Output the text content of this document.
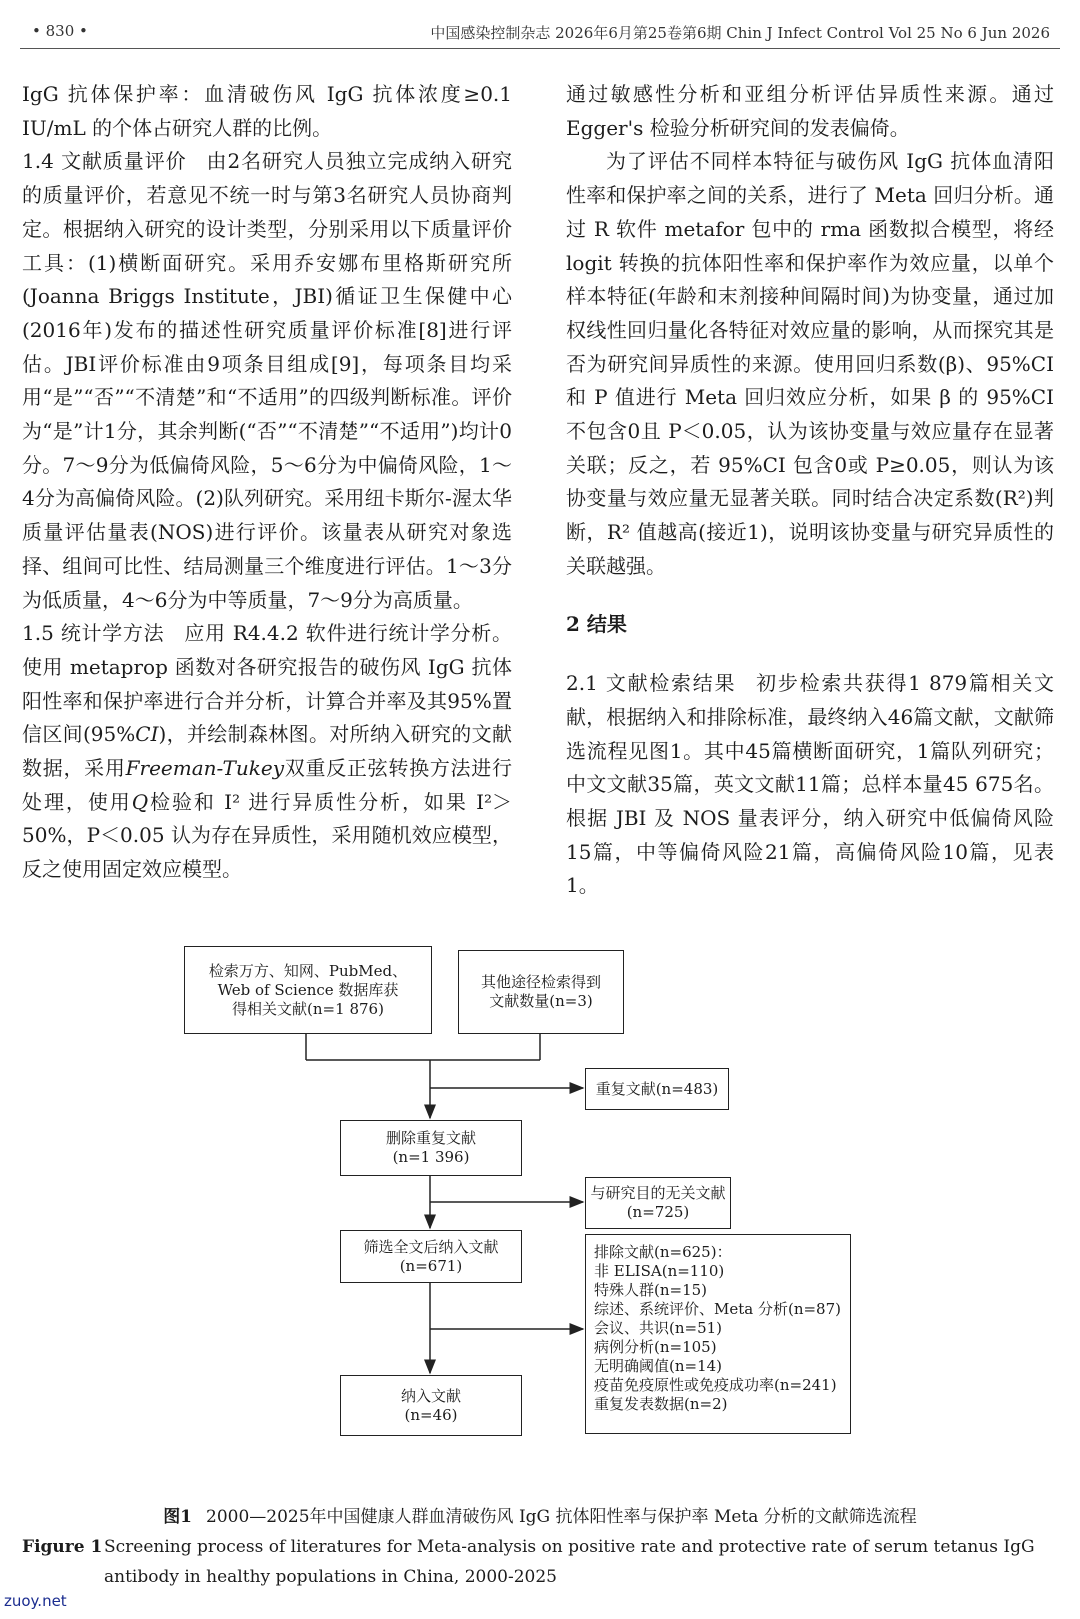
• 830 •	中国感染控制杂志 2026年6月第25卷第6期 Chin J Infect Control Vol 25 No 6 Jun 2026

IgG 抗体保护率：血清破伤风 IgG 抗体浓度≥0.1 IU/mL 的个体占研究人群的比例。

1.4 文献质量评价 由2名研究人员独立完成纳入研究的质量评价，若意见不统一时与第3名研究人员协商判定。根据纳入研究的设计类型，分别采用以下质量评价工具：(1)横断面研究。采用乔安娜布里格斯研究所(Joanna Briggs Institute，JBI)循证卫生保健中心(2016年)发布的描述性研究质量评价标准[8]进行评估。JBI评价标准由9项条目组成[9]，每项条目均采用“是”“否”“不清楚”和“不适用”的四级判断标准。评价为“是”计1分，其余判断(“否”“不清楚”“不适用”)均计0分。7～9分为低偏倚风险，5～6分为中偏倚风险，1～4分为高偏倚风险。(2)队列研究。采用纽卡斯尔-渥太华质量评估量表(NOS)进行评价。该量表从研究对象选择、组间可比性、结局测量三个维度进行评估。1～3分为低质量，4～6分为中等质量，7～9分为高质量。

1.5 统计学方法 应用 R4.4.2 软件进行统计学分析。使用 metaprop 函数对各研究报告的破伤风 IgG 抗体阳性率和保护率进行合并分析，计算合并率及其95%置信区间(95%CI)，并绘制森林图。对所纳入研究的文献数据，采用Freeman-Tukey双重反正弦转换方法进行处理，使用Q检验和 I² 进行异质性分析，如果 I²＞50%，P＜0.05 认为存在异质性，采用随机效应模型，反之使用固定效应模型。

通过敏感性分析和亚组分析评估异质性来源。通过 Egger's 检验分析研究间的发表偏倚。

为了评估不同样本特征与破伤风 IgG 抗体血清阳性率和保护率之间的关系，进行了 Meta 回归分析。通过 R 软件 metafor 包中的 rma 函数拟合模型，将经 logit 转换的抗体阳性率和保护率作为效应量，以单个样本特征(年龄和末剂接种间隔时间)为协变量，通过加权线性回归量化各特征对效应量的影响，从而探究其是否为研究间异质性的来源。使用回归系数(β)、95%CI 和 P 值进行 Meta 回归效应分析，如果 β 的 95%CI 不包含0且 P＜0.05，认为该协变量与效应量存在显著关联；反之，若 95%CI 包含0或 P≥0.05，则认为该协变量与效应量无显著关联。同时结合决定系数(R²)判断，R² 值越高(接近1)，说明该协变量与研究异质性的关联越强。

2 结果

2.1 文献检索结果 初步检索共获得1 879篇相关文献，根据纳入和排除标准，最终纳入46篇文献，文献筛选流程见图1。其中45篇横断面研究，1篇队列研究；中文文献35篇，英文文献11篇；总样本量45 675名。根据 JBI 及 NOS 量表评分，纳入研究中低偏倚风险15篇，中等偏倚风险21篇，高偏倚风险10篇，见表1。

检索万方、知网、PubMed、
Web of Science 数据库获
得相关文献(n=1 876)
其他途径检索得到
文献数量(n=3)
重复文献(n=483)
删除重复文献
(n=1 396)
与研究目的无关文献
(n=725)
筛选全文后纳入文献
(n=671)
排除文献(n=625)：
非 ELISA(n=110)
特殊人群(n=15)
综述、系统评价、Meta 分析(n=87)
会议、共识(n=51)
病例分析(n=105)
无明确阈值(n=14)
疫苗免疫原性或免疫成功率(n=241)
重复发表数据(n=2)
纳入文献
(n=46)
图1 2000—2025年中国健康人群血清破伤风 IgG 抗体阳性率与保护率 Meta 分析的文献筛选流程
Figure 1 Screening process of literatures for Meta-analysis on positive rate and protective rate of serum tetanus IgG antibody in healthy populations in China, 2000-2025
zuoy.net
